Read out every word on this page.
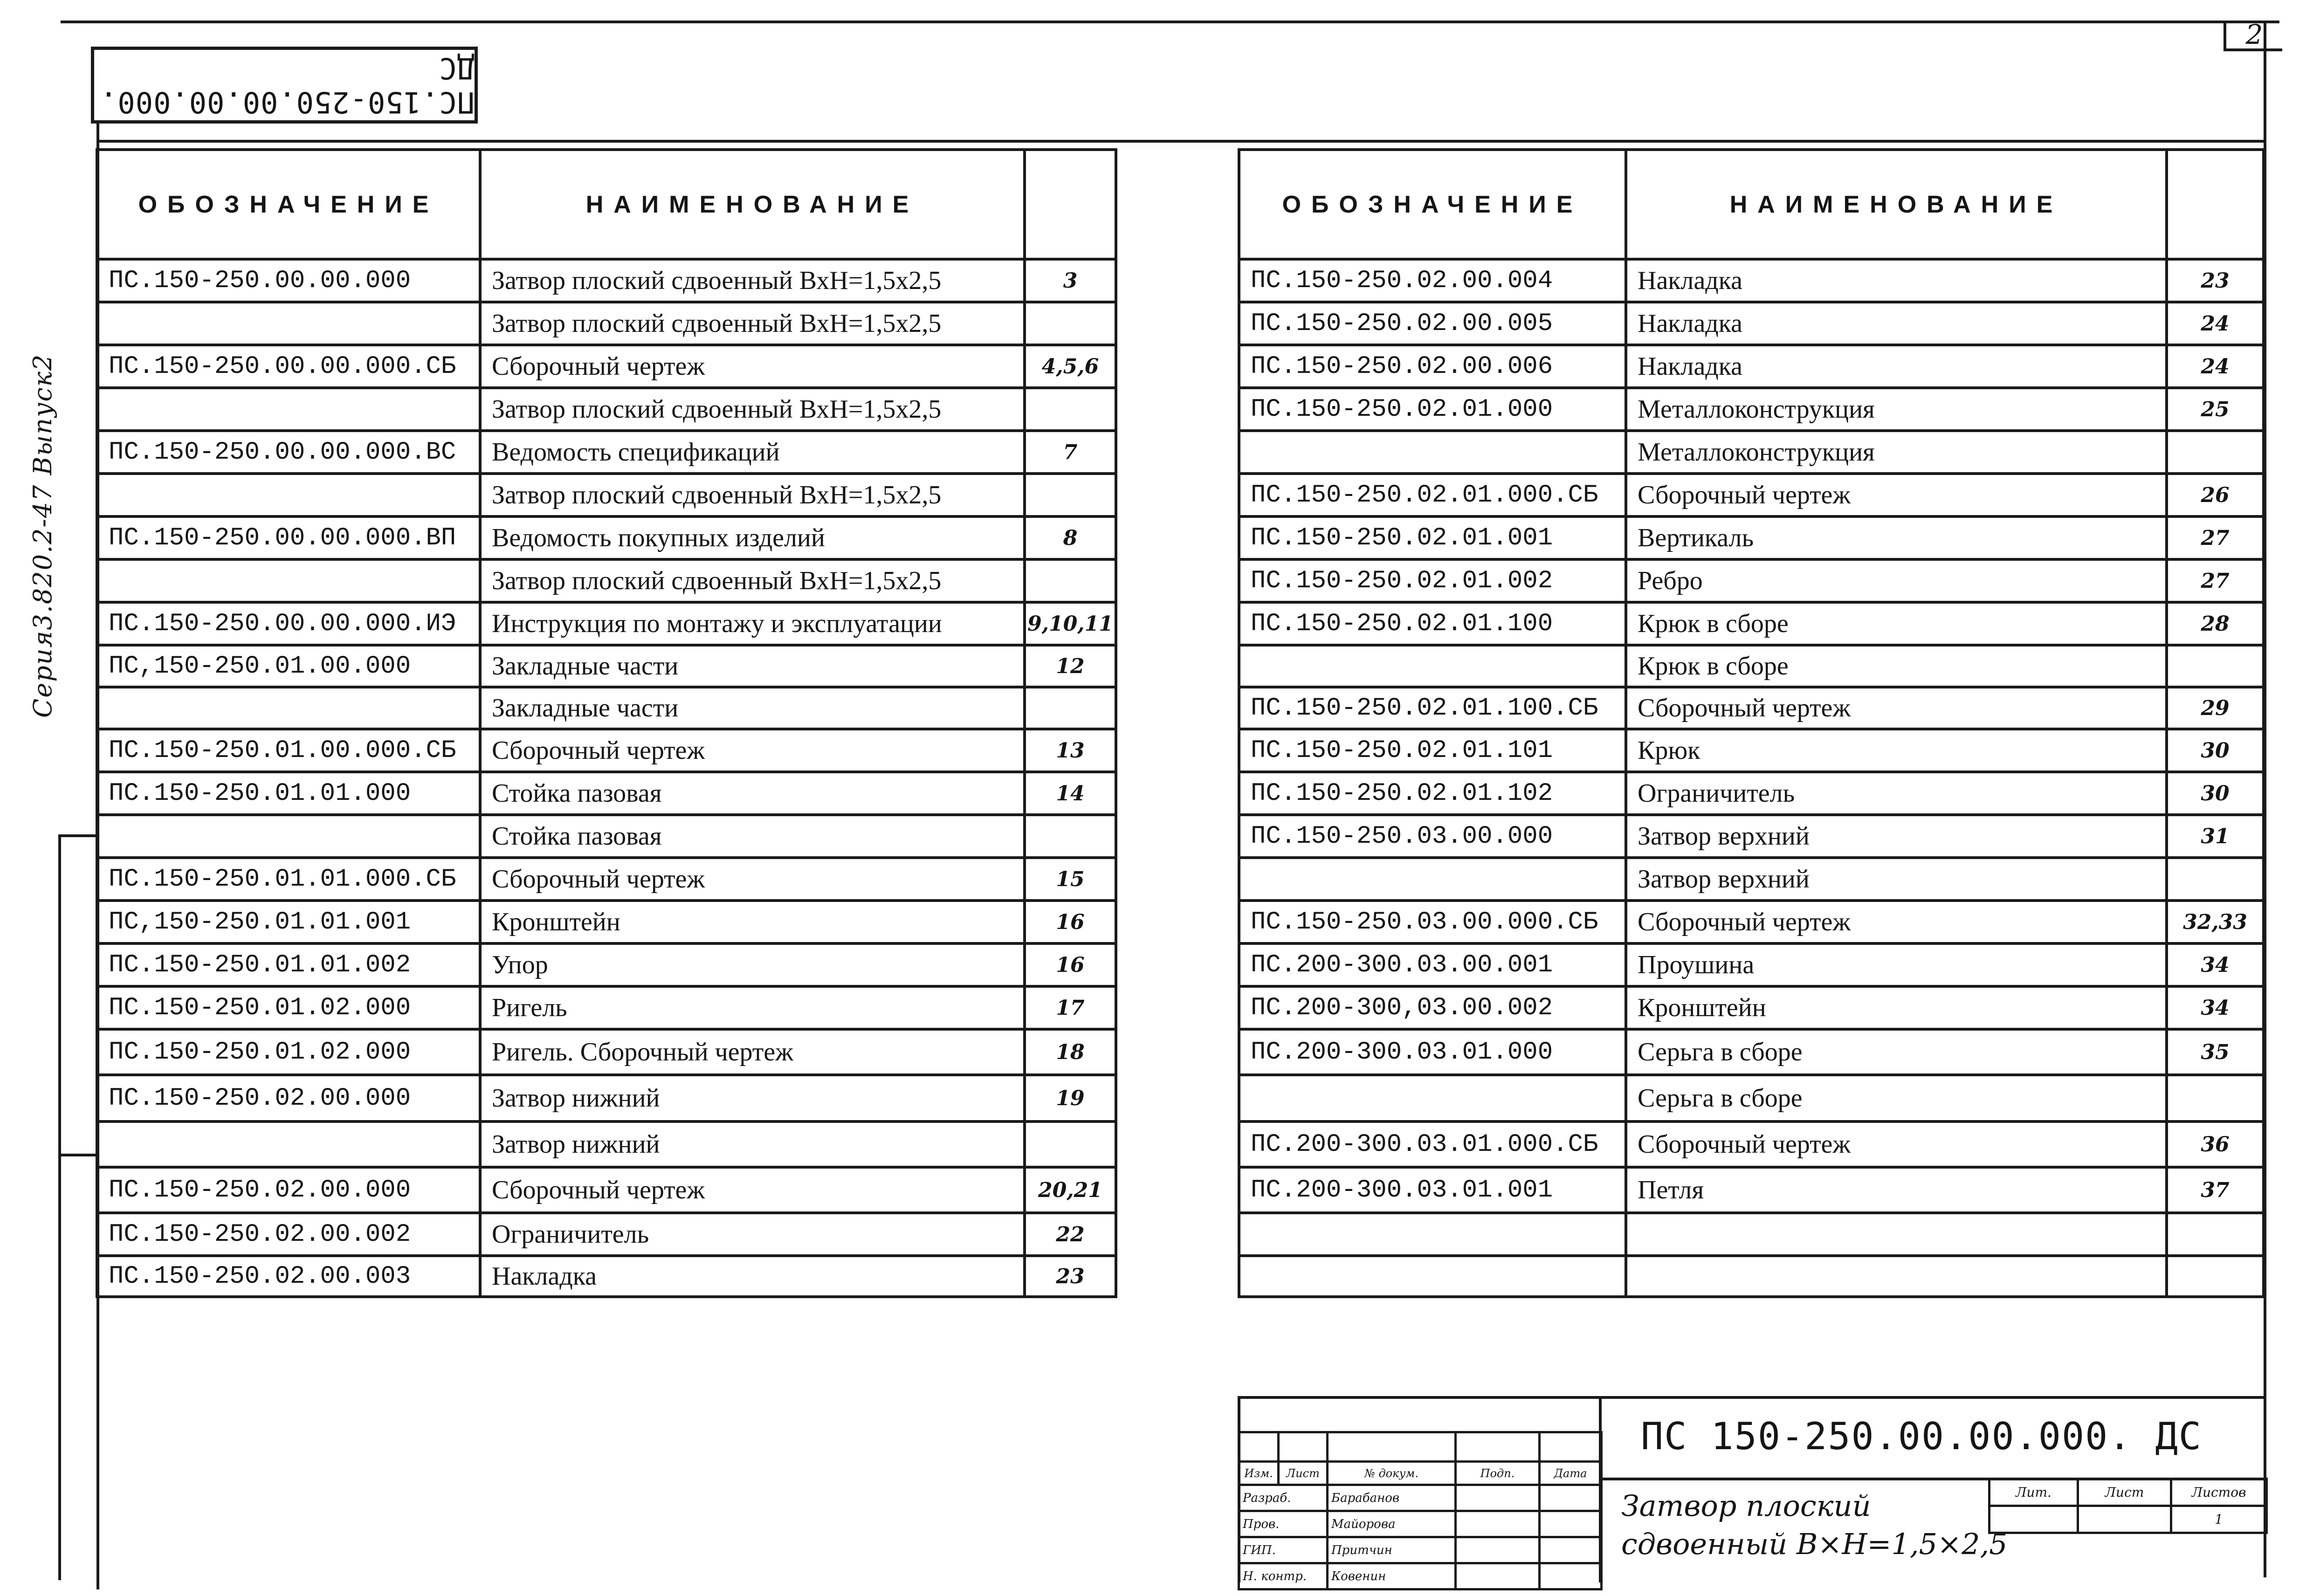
ПС.150-250.00.00.000. ДС
2
Серия3.820.2-47 Выпуск2
ОБОЗНАЧЕНИЕ	НАИМЕНОВАНИЕ	
ПС.150-250.00.00.000	Затвор плоский сдвоенный ВхН=1,5х2,5	3
	Затвор плоский сдвоенный ВхН=1,5х2,5	
ПС.150-250.00.00.000.СБ	Сборочный чертеж	4,5,6
	Затвор плоский сдвоенный ВхН=1,5х2,5	
ПС.150-250.00.00.000.ВС	Ведомость спецификаций	7
	Затвор плоский сдвоенный ВхН=1,5х2,5	
ПС.150-250.00.00.000.ВП	Ведомость покупных изделий	8
	Затвор плоский сдвоенный ВхН=1,5х2,5	
ПС.150-250.00.00.000.ИЭ	Инструкция по монтажу и эксплуатации	9,10,11
ПС,150-250.01.00.000	Закладные части	12
	Закладные части	
ПС.150-250.01.00.000.СБ	Сборочный чертеж	13
ПС.150-250.01.01.000	Стойка пазовая	14
	Стойка пазовая	
ПС.150-250.01.01.000.СБ	Сборочный чертеж	15
ПС,150-250.01.01.001	Кронштейн	16
ПС.150-250.01.01.002	Упор	16
ПС.150-250.01.02.000	Ригель	17
ПС.150-250.01.02.000	Ригель. Сборочный чертеж	18
ПС.150-250.02.00.000	Затвор нижний	19
	Затвор нижний	
ПС.150-250.02.00.000	Сборочный чертеж	20,21
ПС.150-250.02.00.002	Ограничитель	22
ПС.150-250.02.00.003	Накладка	23
ОБОЗНАЧЕНИЕ	НАИМЕНОВАНИЕ	
ПС.150-250.02.00.004	Накладка	23
ПС.150-250.02.00.005	Накладка	24
ПС.150-250.02.00.006	Накладка	24
ПС.150-250.02.01.000	Металлоконструкция	25
	Металлоконструкция	
ПС.150-250.02.01.000.СБ	Сборочный чертеж	26
ПС.150-250.02.01.001	Вертикаль	27
ПС.150-250.02.01.002	Ребро	27
ПС.150-250.02.01.100	Крюк в сборе	28
	Крюк в сборе	
ПС.150-250.02.01.100.СБ	Сборочный чертеж	29
ПС.150-250.02.01.101	Крюк	30
ПС.150-250.02.01.102	Ограничитель	30
ПС.150-250.03.00.000	Затвор верхний	31
	Затвор верхний	
ПС.150-250.03.00.000.СБ	Сборочный чертеж	32,33
ПС.200-300.03.00.001	Проушина	34
ПС.200-300,03.00.002	Кронштейн	34
ПС.200-300.03.01.000	Серьга в сборе	35
	Серьга в сборе	
ПС.200-300.03.01.000.СБ	Сборочный чертеж	36
ПС.200-300.03.01.001	Петля	37

Изм.	Лист	№ докум.	Подп.	Дата
Разраб.		Барабанов		
Пров.		Майорова		
ГИП.		Притчин		
Н. контр.		Ковенин		
ПС 150-250.00.00.000. ДС
Затвор плоский
сдвоенный В×Н=1,5×2,5
Лит.	Лист	Листов
		1
